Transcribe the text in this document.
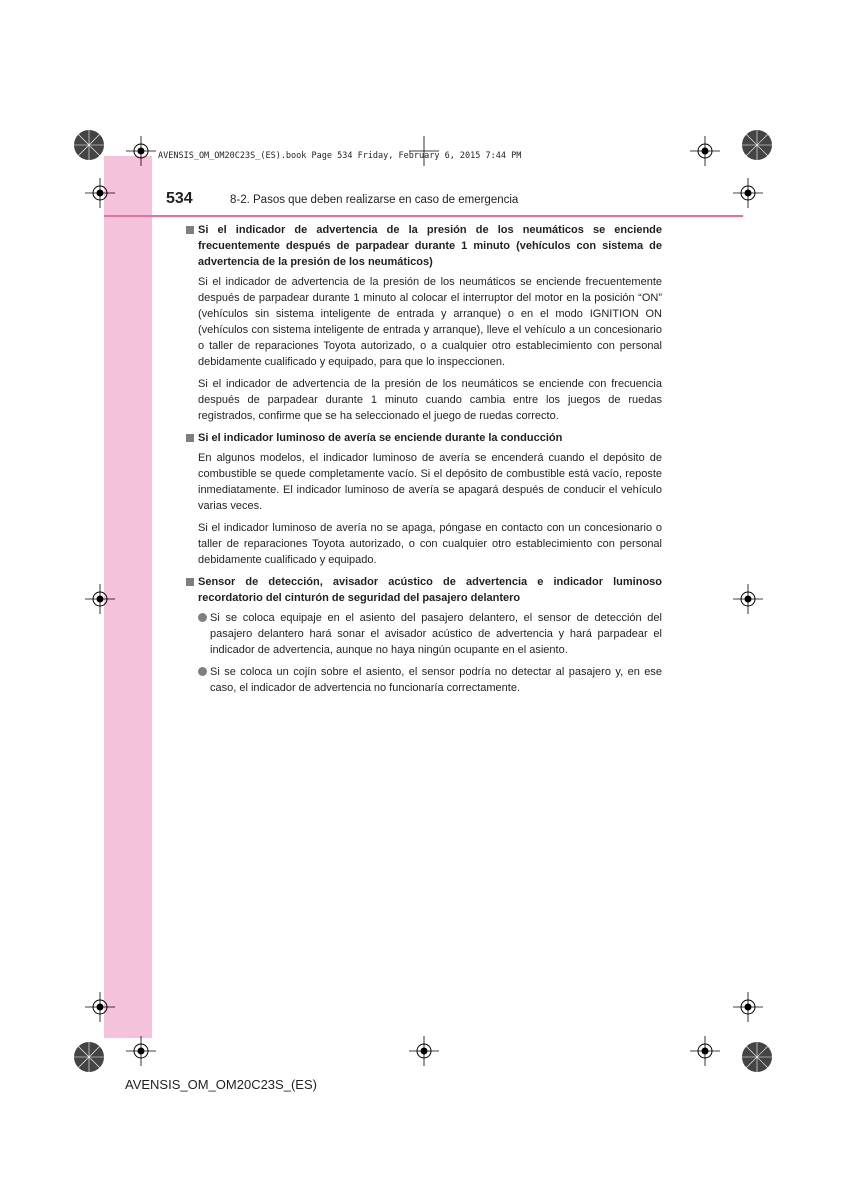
AVENSIS_OM_OM20C23S_(ES).book Page 534 Friday, February 6, 2015 7:44 PM
534	8-2. Pasos que deben realizarse en caso de emergencia
Si el indicador de advertencia de la presión de los neumáticos se enciende frecuentemente después de parpadear durante 1 minuto (vehículos con sistema de advertencia de la presión de los neumáticos)
Si el indicador de advertencia de la presión de los neumáticos se enciende frecuentemente después de parpadear durante 1 minuto al colocar el interruptor del motor en la posición “ON” (vehículos sin sistema inteligente de entrada y arranque) o en el modo IGNITION ON (vehículos con sistema inteligente de entrada y arranque), lleve el vehículo a un concesionario o taller de reparaciones Toyota autorizado, o a cualquier otro establecimiento con personal debidamente cualificado y equipado, para que lo inspeccionen.
Si el indicador de advertencia de la presión de los neumáticos se enciende con frecuencia después de parpadear durante 1 minuto cuando cambia entre los juegos de ruedas registrados, confirme que se ha seleccionado el juego de ruedas correcto.
Si el indicador luminoso de avería se enciende durante la conducción
En algunos modelos, el indicador luminoso de avería se encenderá cuando el depósito de combustible se quede completamente vacío. Si el depósito de combustible está vacío, reposte inmediatamente. El indicador luminoso de avería se apagará después de conducir el vehículo varias veces.
Si el indicador luminoso de avería no se apaga, póngase en contacto con un concesionario o taller de reparaciones Toyota autorizado, o con cualquier otro establecimiento con personal debidamente cualificado y equipado.
Sensor de detección, avisador acústico de advertencia e indicador luminoso recordatorio del cinturón de seguridad del pasajero delantero
Si se coloca equipaje en el asiento del pasajero delantero, el sensor de detección del pasajero delantero hará sonar el avisador acústico de advertencia y hará parpadear el indicador de advertencia, aunque no haya ningún ocupante en el asiento.
Si se coloca un cojín sobre el asiento, el sensor podría no detectar al pasajero y, en ese caso, el indicador de advertencia no funcionaría correctamente.
AVENSIS_OM_OM20C23S_(ES)
